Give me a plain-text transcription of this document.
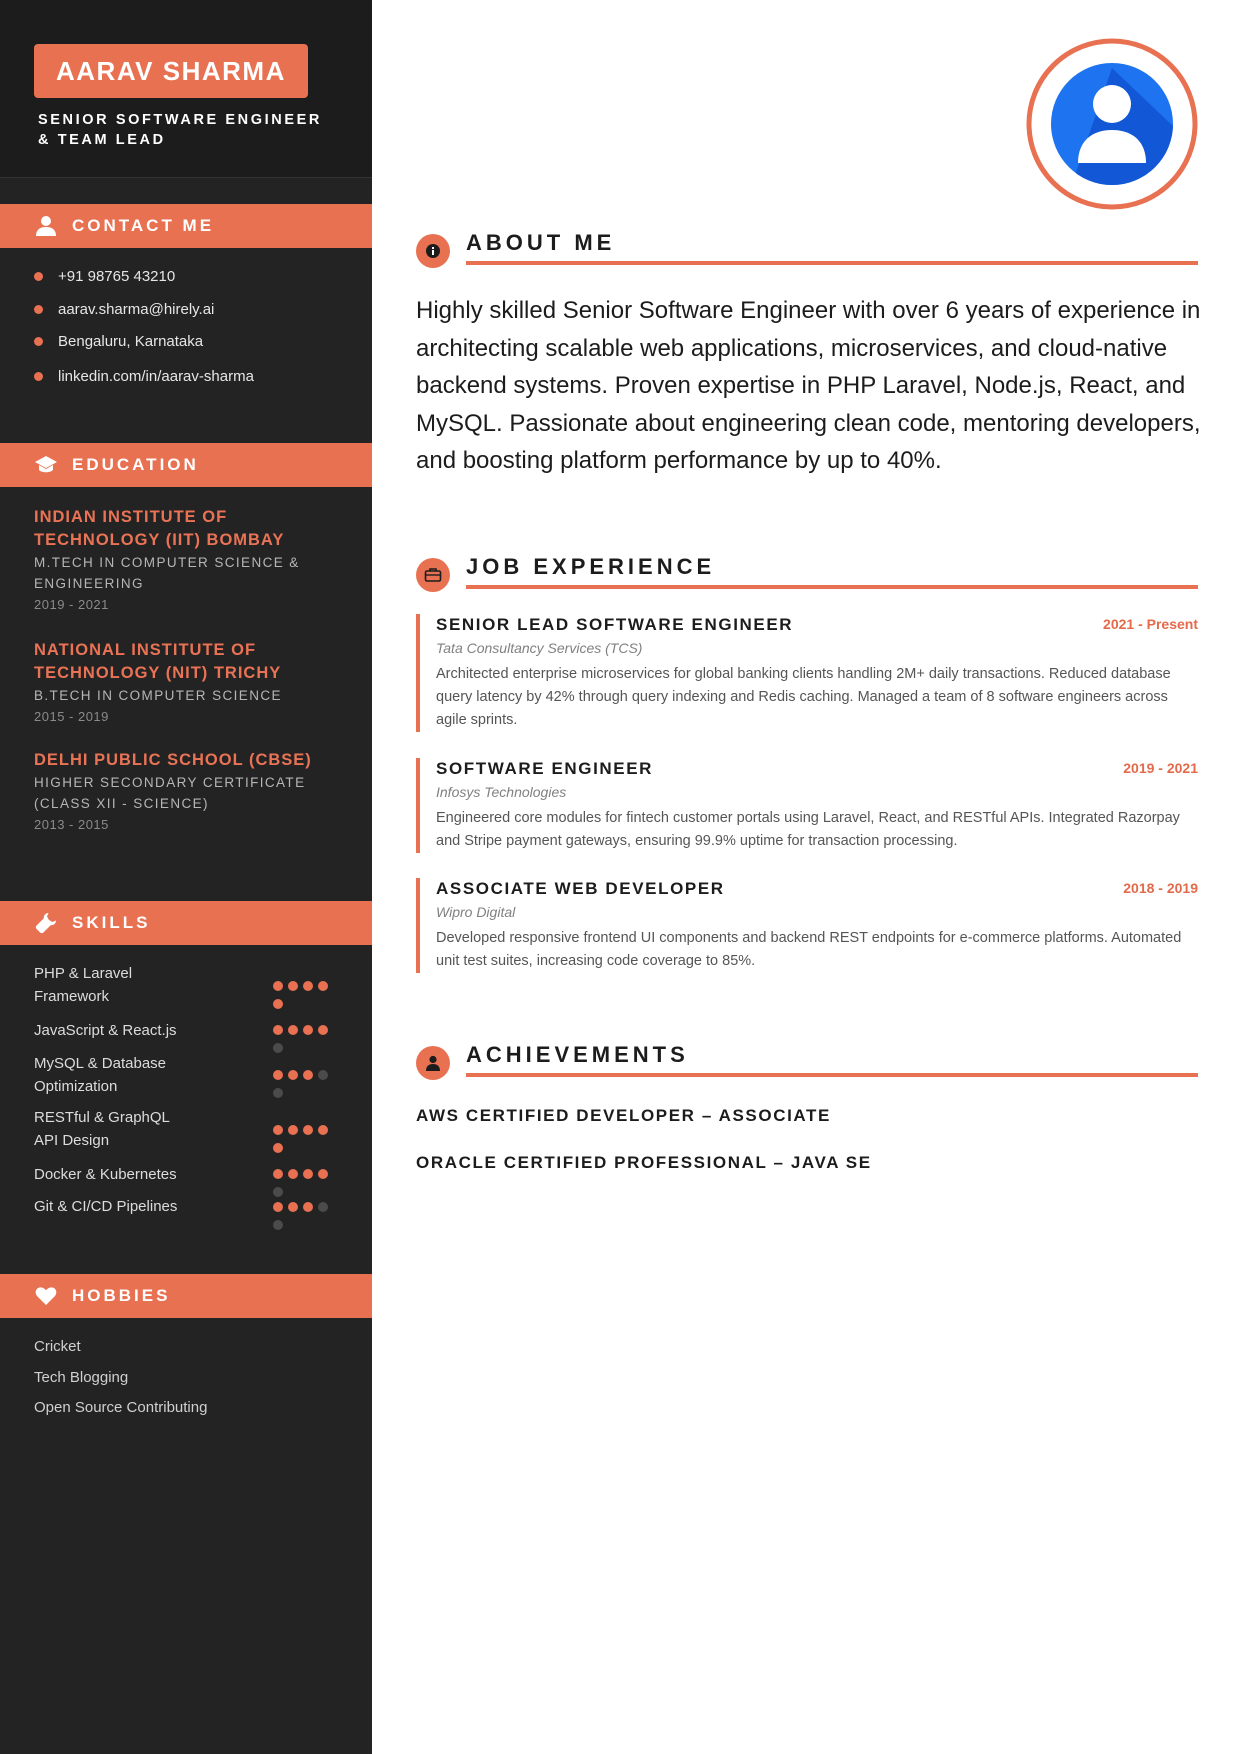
AARAV SHARMA
SENIOR SOFTWARE ENGINEER
& TEAM LEAD
CONTACT ME
+91 98765 43210
aarav.sharma@hirely.ai
Bengaluru, Karnataka
linkedin.com/in/aarav-sharma
EDUCATION
INDIAN INSTITUTE OF
TECHNOLOGY (IIT) BOMBAY
M.TECH IN COMPUTER SCIENCE &
ENGINEERING
2019 - 2021
NATIONAL INSTITUTE OF
TECHNOLOGY (NIT) TRICHY
B.TECH IN COMPUTER SCIENCE
2015 - 2019
DELHI PUBLIC SCHOOL (CBSE)
HIGHER SECONDARY CERTIFICATE
(CLASS XII - SCIENCE)
2013 - 2015
SKILLS
PHP & Laravel
Framework
JavaScript & React.js
MySQL & Database
Optimization
RESTful & GraphQL
API Design
Docker & Kubernetes
Git & CI/CD Pipelines
HOBBIES
Cricket
Tech Blogging
Open Source Contributing
ABOUT ME
Highly skilled Senior Software Engineer with over 6 years of experience in architecting scalable web applications, microservices, and cloud-native backend systems. Proven expertise in PHP Laravel, Node.js, React, and MySQL. Passionate about engineering clean code, mentoring developers, and boosting platform performance by up to 40%.
JOB EXPERIENCE
SENIOR LEAD SOFTWARE ENGINEER	2021 - Present
Tata Consultancy Services (TCS)
Architected enterprise microservices for global banking clients handling 2M+ daily transactions. Reduced database query latency by 42% through query indexing and Redis caching. Managed a team of 8 software engineers across agile sprints.
SOFTWARE ENGINEER	2019 - 2021
Infosys Technologies
Engineered core modules for fintech customer portals using Laravel, React, and RESTful APIs. Integrated Razorpay and Stripe payment gateways, ensuring 99.9% uptime for transaction processing.
ASSOCIATE WEB DEVELOPER	2018 - 2019
Wipro Digital
Developed responsive frontend UI components and backend REST endpoints for e-commerce platforms. Automated unit test suites, increasing code coverage to 85%.
ACHIEVEMENTS
AWS CERTIFIED DEVELOPER – ASSOCIATE
ORACLE CERTIFIED PROFESSIONAL – JAVA SE
